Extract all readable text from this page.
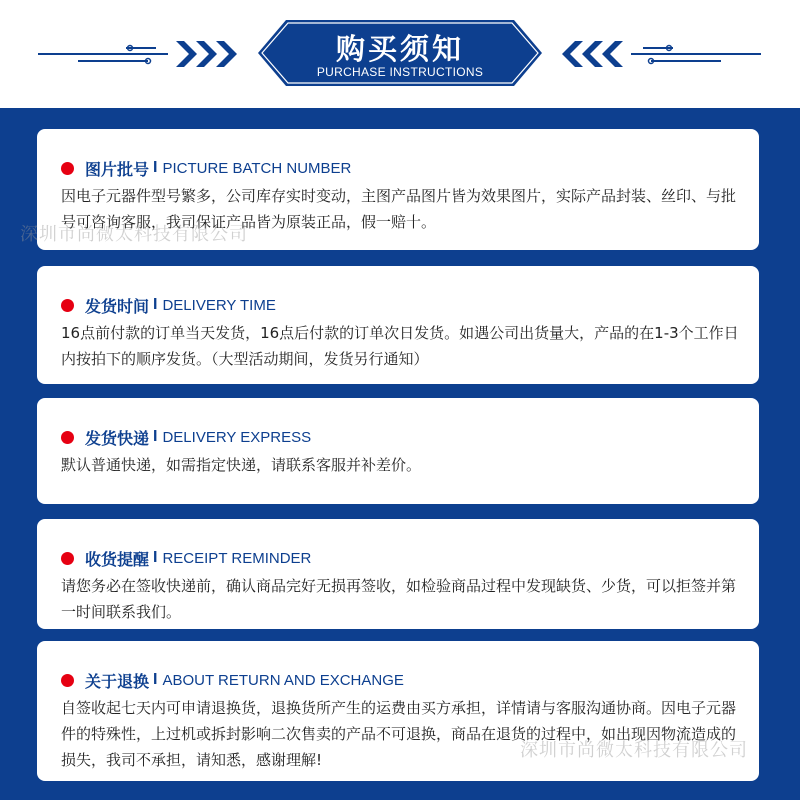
购买须知
PURCHASE INSTRUCTIONS
图片批号 I PICTURE BATCH NUMBER
因电子元器件型号繁多，公司库存实时变动，主图产品图片皆为效果图片，实际产品封装、丝印、与批号可咨询客服，我司保证产品皆为原装正品，假一赔十。
发货时间 I DELIVERY TIME
16点前付款的订单当天发货，16点后付款的订单次日发货。如遇公司出货量大，产品的在1-3个工作日内按拍下的顺序发货。（大型活动期间，发货另行通知）
发货快递 I DELIVERY EXPRESS
默认普通快递，如需指定快递，请联系客服并补差价。
收货提醒 I RECEIPT REMINDER
请您务必在签收快递前，确认商品完好无损再签收，如检验商品过程中发现缺货、少货，可以拒签并第一时间联系我们。
关于退换 I ABOUT RETURN AND EXCHANGE
自签收起七天内可申请退换货，退换货所产生的运费由买方承担，详情请与客服沟通协商。因电子元器件的特殊性，上过机或拆封影响二次售卖的产品不可退换，商品在退货的过程中，如出现因物流造成的损失，我司不承担，请知悉，感谢理解!
深圳市尚微太科技有限公司
深圳市尚微太科技有限公司
